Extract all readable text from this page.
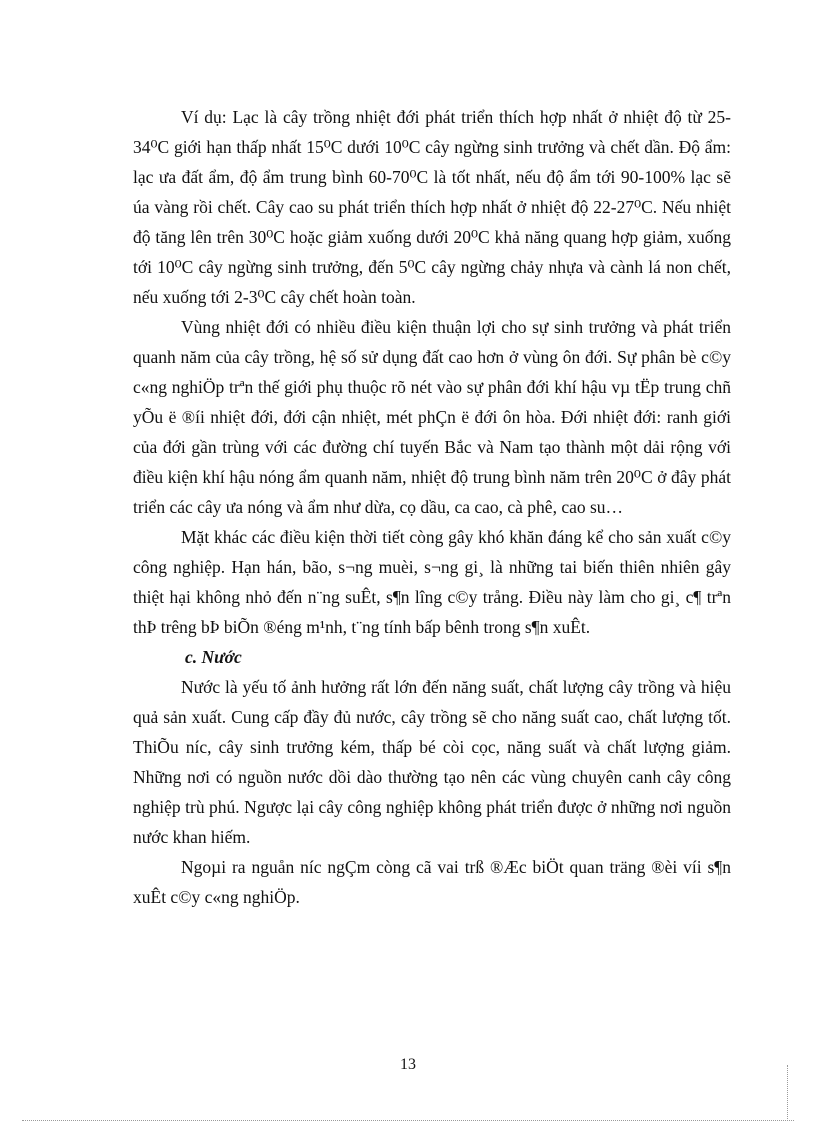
Ví dụ: Lạc là cây trồng nhiệt đới phát triển thích hợp nhất ở nhiệt độ từ 25-34⁰C giới hạn thấp nhất 15⁰C dưới 10⁰C cây ngừng sinh trưởng và chết dần. Độ ẩm: lạc ưa đất ẩm, độ ẩm trung bình 60-70⁰C là tốt nhất, nếu độ ẩm tới 90-100% lạc sẽ úa vàng rồi chết. Cây cao su phát triển thích hợp nhất ở nhiệt độ 22-27⁰C. Nếu nhiệt độ tăng lên trên 30⁰C hoặc giảm xuống dưới 20⁰C khả năng quang hợp giảm, xuống tới 10⁰C cây ngừng sinh trưởng, đến 5⁰C cây ngừng chảy nhựa và cành lá non chết, nếu xuống tới 2-3⁰C cây chết hoàn toàn.

Vùng nhiệt đới có nhiều điều kiện thuận lợi cho sự sinh trưởng và phát triển quanh năm của cây trồng, hệ số sử dụng đất cao hơn ở vùng ôn đới. Sự phân bè c©y c«ng nghiÖp trªn thế giới phụ thuộc rõ nét vào sự phân đới khí hậu vµ tËp trung chñ yÕu ë ®íi nhiệt đới, đới cận nhiệt, mét phÇn ë đới ôn hòa. Đới nhiệt đới: ranh giới của đới gần trùng với các đường chí tuyến Bắc và Nam tạo thành một dải rộng với điều kiện khí hậu nóng ẩm quanh năm, nhiệt độ trung bình năm trên 20⁰C ở đây phát triển các cây ưa nóng và ẩm như dừa, cọ dầu, ca cao, cà phê, cao su…

Mặt khác các điều kiện thời tiết còng gây khó khăn đáng kể cho sản xuất c©y công nghiệp. Hạn hán, bão, s¬ng muèi, s¬ng gi¸ là những tai biến thiên nhiên gây thiệt hại không nhỏ đến n¨ng suÊt, s¶n lîng c©y trång. Điều này làm cho gi¸ c¶ trªn thÞ trêng bÞ biÕn ®éng m¹nh, t¨ng tính bấp bênh trong s¶n xuÊt.

c. Nước

Nước là yếu tố ảnh hưởng rất lớn đến năng suất, chất lượng cây trồng và hiệu quả sản xuất. Cung cấp đầy đủ nước, cây trồng sẽ cho năng suất cao, chất lượng tốt. ThiÕu níc, cây sinh trưởng kém, thấp bé còi cọc, năng suất và chất lượng giảm. Những nơi có nguồn nước dồi dào thường tạo nên các vùng chuyên canh cây công nghiệp trù phú. Ngược lại cây công nghiệp không phát triển được ở những nơi nguồn nước khan hiếm.

Ngoµi ra nguån níc ngÇm còng cã vai trß ®Æc biÖt quan träng ®èi víi s¶n xuÊt c©y c«ng nghiÖp.

13
